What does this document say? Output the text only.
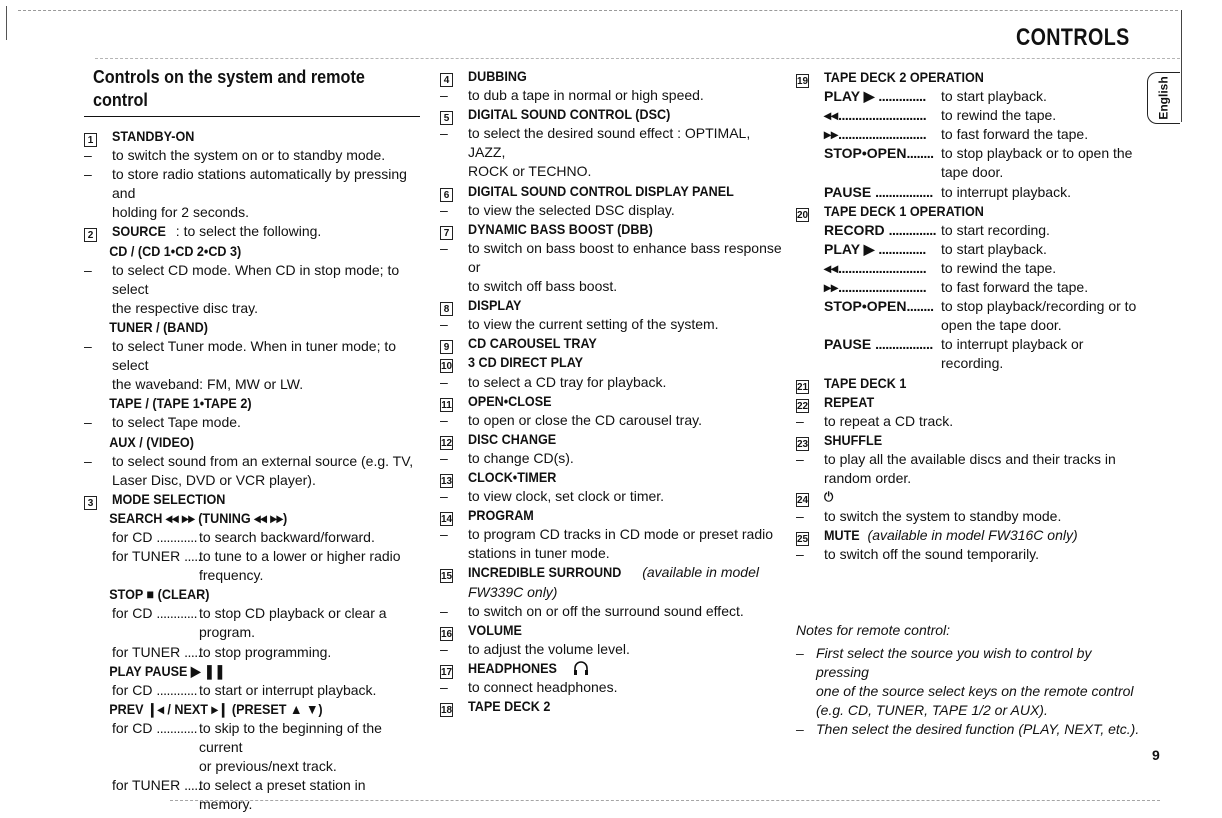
CONTROLS
English
Controls on the system and remote
control
1 STANDBY-ON
–	to switch the system on or to standby mode.
–	to store radio stations automatically by pressing and
holding for 2 seconds.
2 SOURCE : to select the following.
CD / (CD 1•CD 2•CD 3)
–	to select CD mode. When CD in stop mode; to select
the respective disc tray.
TUNER / (BAND)
–	to select Tuner mode. When in tuner mode; to select
the waveband: FM, MW or LW.
TAPE / (TAPE 1•TAPE 2)
–	to select Tape mode.
AUX / (VIDEO)
–	to select sound from an external source (e.g. TV,
Laser Disc, DVD or VCR player).
3 MODE SELECTION
SEARCH ◂◂ ▸▸ (TUNING ◂◂ ▸▸)
for CD ............ to search backward/forward.
for TUNER .....
to tune to a lower or higher radio
frequency.
STOP ■ (CLEAR)
for CD ............ to stop CD playback or clear a
program.
for TUNER .....
to stop programming.
PLAY PAUSE ▶ ❚❚
for CD ............ to start or interrupt playback.
PREV ❙◂ / NEXT ▸❙ (PRESET ▲ ▼)
for CD ............ to skip to the beginning of the current
or previous/next track.
for TUNER .....
to select a preset station in memory.
4 DUBBING
–	to dub a tape in normal or high speed.
5 DIGITAL SOUND CONTROL (DSC)
–	to select the desired sound effect : OPTIMAL, JAZZ,
ROCK or TECHNO.
6 DIGITAL SOUND CONTROL DISPLAY PANEL
–	to view the selected DSC display.
7 DYNAMIC BASS BOOST (DBB)
–	to switch on bass boost to enhance bass response or
to switch off bass boost.
8 DISPLAY
–	to view the current setting of the system.
9 CD CAROUSEL TRAY
10 3 CD DIRECT PLAY
–	to select a CD tray for playback.
11 OPEN•CLOSE
–	to open or close the CD carousel tray.
12 DISC CHANGE
–	to change CD(s).
13 CLOCK•TIMER
–	to view clock, set clock or timer.
14 PROGRAM
–	to program CD tracks in CD mode or preset radio
stations in tuner mode.
15 INCREDIBLE SURROUND (available in model
FW339C only)
–	to switch on or off the surround sound effect.
16 VOLUME
–	to adjust the volume level.
17 HEADPHONES
–	to connect headphones.
18 TAPE DECK 2
19 TAPE DECK 2 OPERATION
PLAY ▶ ..............	to start playback.
◂◂..........................	to rewind the tape.
▸▸..........................	to fast forward the tape.
STOP•OPEN........ to stop playback or to open the
tape door.
PAUSE ................. to interrupt playback.
20 TAPE DECK 1 OPERATION
RECORD .............. to start recording.
PLAY ▶ ..............	to start playback.
◂◂..........................	to rewind the tape.
▸▸..........................	to fast forward the tape.
STOP•OPEN........ to stop playback/recording or to
open the tape door.
PAUSE ................. to interrupt playback or
recording.
21 TAPE DECK 1
22 REPEAT
–	to repeat a CD track.
23 SHUFFLE
–	to play all the available discs and their tracks in
random order.
24 ⏻
–	to switch the system to standby mode.
25 MUTE (available in model FW316C only)
–	to switch off the sound temporarily.
Notes for remote control:
– First select the source you wish to control by pressing
one of the source select keys on the remote control
(e.g. CD, TUNER, TAPE 1/2 or AUX).
– Then select the desired function (PLAY, NEXT, etc.).
9
